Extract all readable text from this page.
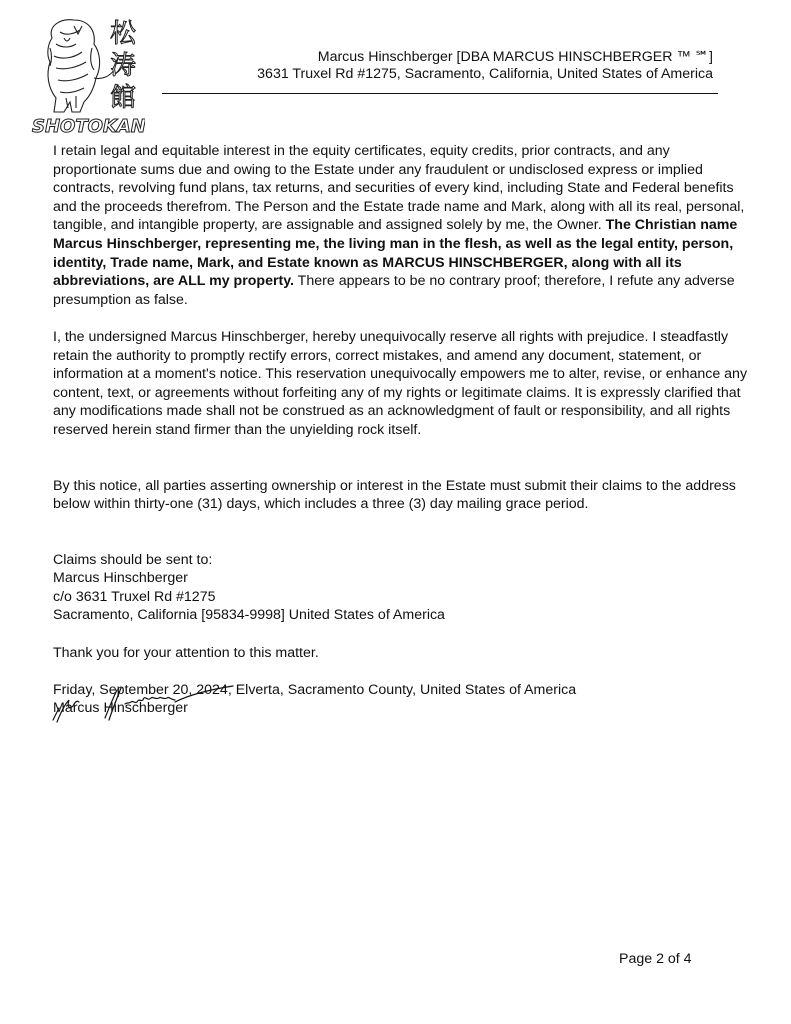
松
涛
館
SHOTOKAN
Marcus Hinschberger [DBA MARCUS HINSCHBERGER ™ ℠]
3631 Truxel Rd #1275, Sacramento, California, United States of America

I retain legal and equitable interest in the equity certificates, equity credits, prior contracts, and any proportionate sums due and owing to the Estate under any fraudulent or undisclosed express or implied contracts, revolving fund plans, tax returns, and securities of every kind, including State and Federal benefits and the proceeds therefrom. The Person and the Estate trade name and Mark, along with all its real, personal, tangible, and intangible property, are assignable and assigned solely by me, the Owner. The Christian name Marcus Hinschberger, representing me, the living man in the flesh, as well as the legal entity, person, identity, Trade name, Mark, and Estate known as MARCUS HINSCHBERGER, along with all its abbreviations, are ALL my property. There appears to be no contrary proof; therefore, I refute any adverse presumption as false.

I, the undersigned Marcus Hinschberger, hereby unequivocally reserve all rights with prejudice. I steadfastly retain the authority to promptly rectify errors, correct mistakes, and amend any document, statement, or information at a moment's notice. This reservation unequivocally empowers me to alter, revise, or enhance any content, text, or agreements without forfeiting any of my rights or legitimate claims. It is expressly clarified that any modifications made shall not be construed as an acknowledgment of fault or responsibility, and all rights reserved herein stand firmer than the unyielding rock itself.

By this notice, all parties asserting ownership or interest in the Estate must submit their claims to the address below within thirty-one (31) days, which includes a three (3) day mailing grace period.

Claims should be sent to:

Marcus Hinschberger

c/o 3631 Truxel Rd #1275

Sacramento, California [95834-9998] United States of America

Thank you for your attention to this matter.

Friday, September 20, 2024, Elverta, Sacramento County, United States of America

Marcus Hinschberger
Page 2 of 4
